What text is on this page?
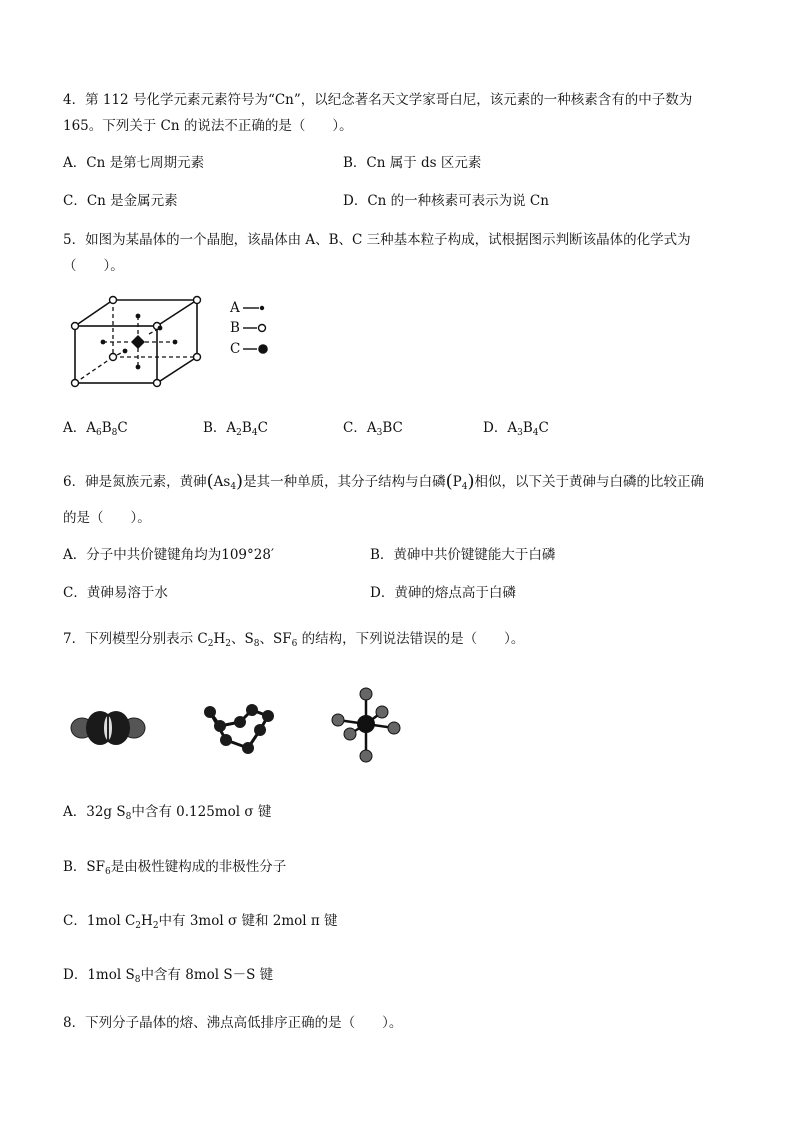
4．第 112 号化学元素元素符号为“Cn”，以纪念著名天文学家哥白尼，该元素的一种核素含有的中子数为
165。下列关于 Cn 的说法不正确的是（　　）。
A．Cn 是第七周期元素	B．Cn 属于 ds 区元素
C．Cn 是金属元素	D．Cn 的一种核素可表示为说 Cn
5．如图为某晶体的一个晶胞，该晶体由 A、B、C 三种基本粒子构成，试根据图示判断该晶体的化学式为
（　　）。
A
B
C
A．$A_6B_8C$	B．$A_2B_4C$	C．$A_3BC$	D．$A_3B_4C$
6．砷是氮族元素，黄砷$(As_4)$是其一种单质，其分子结构与白磷$(P_4)$相似，以下关于黄砷与白磷的比较正确
的是（　　）。
A．分子中共价键键角均为109°28′	B．黄砷中共价键键能大于白磷
C．黄砷易溶于水	D．黄砷的熔点高于白磷
7．下列模型分别表示 $C_2H_2$、$S_8$、$SF_6$ 的结构，下列说法错误的是（　　）。
A．32g $S_8$中含有 0.125mol σ 键
B．$SF_6$是由极性键构成的非极性分子
C．1mol $C_2H_2$中有 3mol σ 键和 2mol π 键
D．1mol $S_8$中含有 8mol S－S 键
8．下列分子晶体的熔、沸点高低排序正确的是（　　）。
